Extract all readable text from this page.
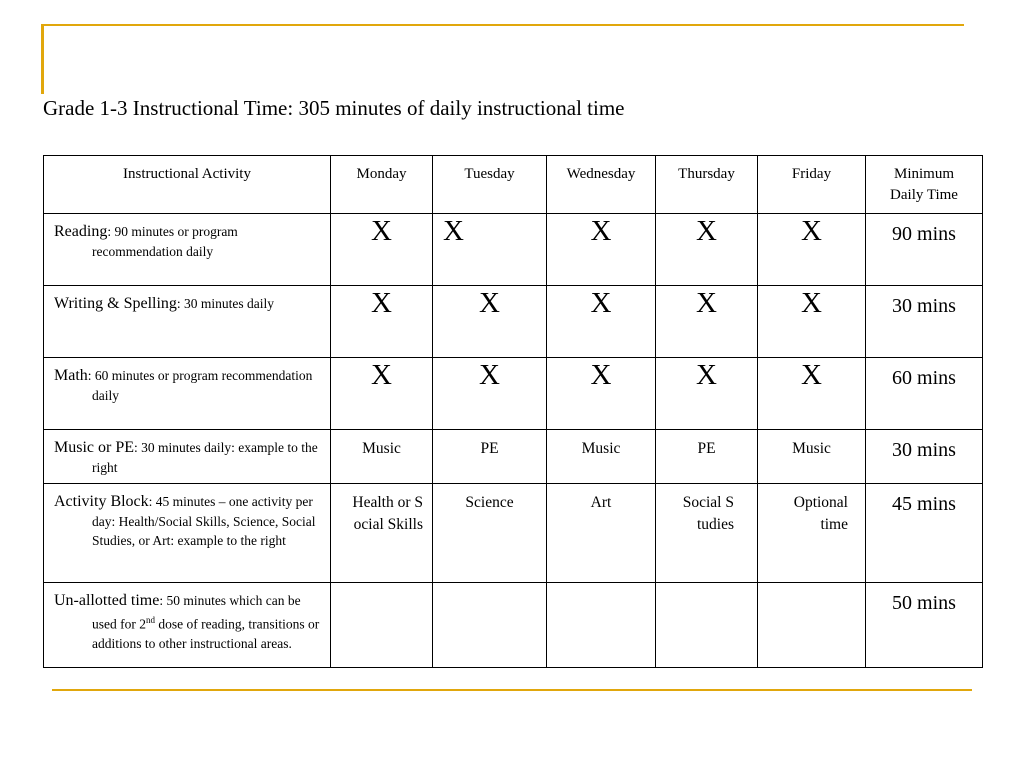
Grade 1-3 Instructional Time: 305 minutes of daily instructional time
Instructional Activity	Monday	Tuesday	Wednesday	Thursday	Friday	Minimum
Daily Time

Reading: 90 minutes or program recommendation daily	X	X	X	X	X	90 mins

Writing & Spelling: 30 minutes daily	X	X	X	X	X	30 mins

Math: 60 minutes or program recommendation daily	X	X	X	X	X	60 mins

Music or PE: 30 minutes daily: example to the right	Music	PE	Music	PE	Music	30 mins

Activity Block: 45 minutes – one activity per day: Health/Social Skills, Science, Social Studies, or Art: example to the right	Health or Social Skills	Science	Art	Social Studies	Optional time	45 mins

Un-allotted time: 50 minutes which can be used for 2nd dose of reading, transitions or additions to other instructional areas.						50 mins
